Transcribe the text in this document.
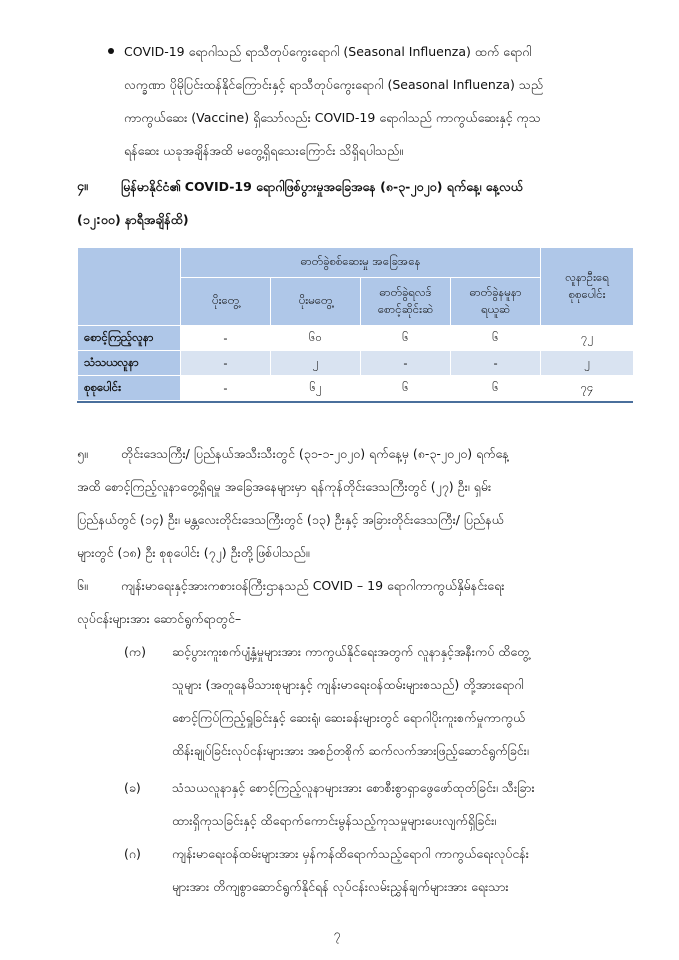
COVID-19 ရောဂါသည် ရာသီတုပ်ကွေးရောဂါ (Seasonal Influenza) ထက် ရောဂါ
လက္ခဏာ ပိုမိုပြင်းထန်နိုင်ကြောင်းနှင့် ရာသီတုပ်ကွေးရောဂါ (Seasonal Influenza) သည်
ကာကွယ်ဆေး (Vaccine) ရှိသော်လည်း COVID-19 ရောဂါသည် ကာကွယ်ဆေးနှင့် ကုသ
ရန်ဆေး ယခုအချိန်အထိ မတွေ့ရှိရသေးကြောင်း သိရှိရပါသည်။
၄။	မြန်မာနိုင်ငံ၏ COVID-19 ရောဂါဖြစ်ပွားမှုအခြေအနေ (၈-၃-၂၀၂၀) ရက်နေ့၊ နေ့လယ်
(၁၂:၀၀) နာရီအချိန်ထိ)
	ဓာတ်ခွဲစစ်ဆေးမှု အခြေအနေ				လူနာဦးရေ စုစုပေါင်း
	ပိုးတွေ့	ပိုးမတွေ့	ဓာတ်ခွဲရလဒ် စောင့်ဆိုင်းဆဲ	ဓာတ်ခွဲနမူနာ ရယူဆဲ	
စောင့်ကြည့်လူနာ	-	၆၀	၆	၆	၇၂
သံသယလူနာ	-	၂	-	-	၂
စုစုပေါင်း	-	၆၂	၆	၆	၇၄
၅။	တိုင်းဒေသကြီး/ ပြည်နယ်အသီးသီးတွင် (၃၁-၁-၂၀၂၀) ရက်နေ့မှ (၈-၃-၂၀၂၀) ရက်နေ့
အထိ စောင့်ကြည့်လူနာတွေ့ရှိရမှု အခြေအနေများမှာ ရန်ကုန်တိုင်းဒေသကြီးတွင် (၂၇) ဦး၊ ရှမ်း
ပြည်နယ်တွင် (၁၄) ဦး၊ မန္တလေးတိုင်းဒေသကြီးတွင် (၁၃) ဦးနှင့် အခြားတိုင်းဒေသကြီး/ ပြည်နယ်
များတွင် (၁၈) ဦး စုစုပေါင်း (၇၂) ဦးတို့ဖြစ်ပါသည်။
၆။	ကျန်းမာရေးနှင့်အားကစားဝန်ကြီးဌာနသည် COVID – 19 ရောဂါကာကွယ်နှိမ်နင်းရေး
လုပ်ငန်းများအား ဆောင်ရွက်ရာတွင်–
(က) ဆင့်ပွားကူးစက်ပျံ့နှံ့မှုများအား ကာကွယ်နိုင်ရေးအတွက် လူနာနှင့်အနီးကပ် ထိတွေ့
သူများ (အတူနေမိသားစုများနှင့် ကျန်းမာရေးဝန်ထမ်းများစသည်) တို့အားရောဂါ
စောင့်ကြပ်ကြည့်ရှုခြင်းနှင့် ဆေးရုံ၊ ဆေးခန်းများတွင် ရောဂါပိုးကူးစက်မှုကာကွယ်
ထိန်းချုပ်ခြင်းလုပ်ငန်းများအား အစဉ်တစိုက် ဆက်လက်အားဖြည့်ဆောင်ရွက်ခြင်း၊
(ခ) သံသယလူနာနှင့် စောင့်ကြည့်လူနာများအား စောစီးစွာရှာဖွေဖော်ထုတ်ခြင်း၊ သီးခြား
ထားရှိကုသခြင်းနှင့် ထိရောက်ကောင်းမွန်သည့်ကုသမှုများပေးလျက်ရှိခြင်း၊
(ဂ) ကျန်းမာရေးဝန်ထမ်းများအား မှန်ကန်ထိရောက်သည့်ရောဂါ ကာကွယ်ရေးလုပ်ငန်း
များအား တိကျစွာဆောင်ရွက်နိုင်ရန် လုပ်ငန်းလမ်းညွှန်ချက်များအား ရေးသား
၇
